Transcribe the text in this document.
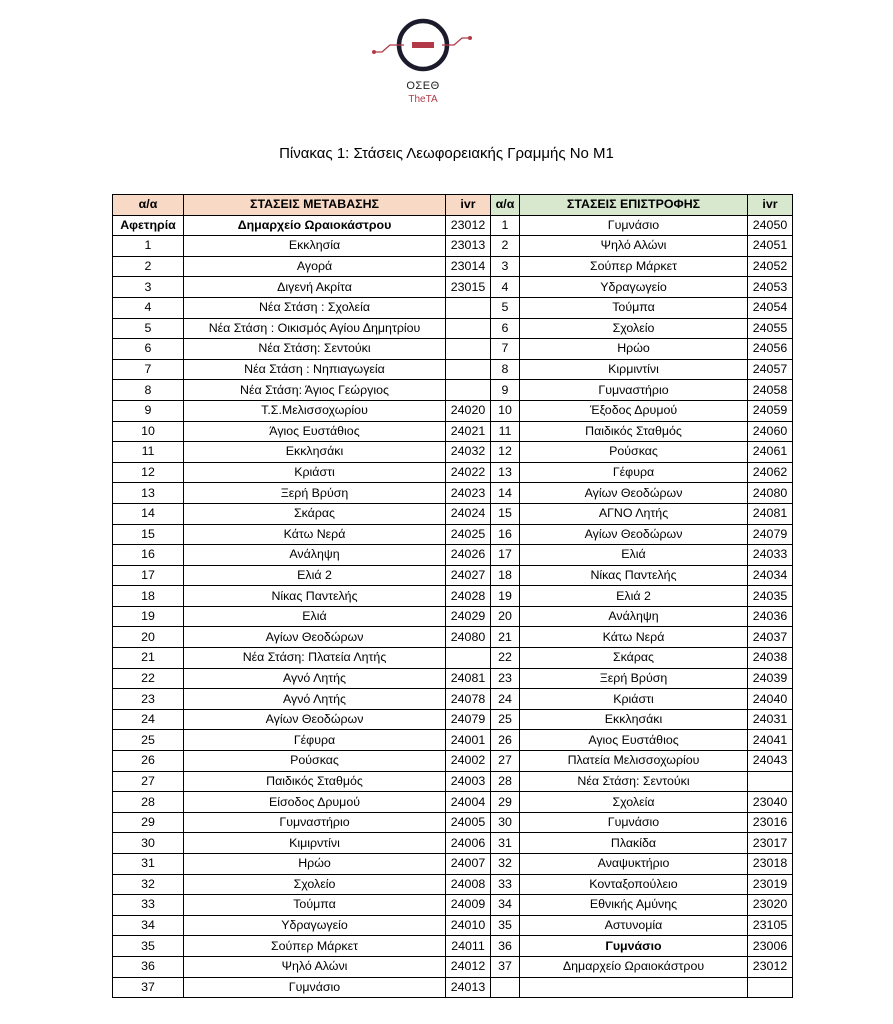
ΟΣΕΘ
TheTA
Πίνακας 1: Στάσεις Λεωφορειακής Γραμμής Νο Μ1
α/α	ΣΤΑΣΕΙΣ ΜΕΤΑΒΑΣΗΣ	ivr	α/α	ΣΤΑΣΕΙΣ ΕΠΙΣΤΡΟΦΗΣ	ivr
Αφετηρία	Δημαρχείο Ωραιοκάστρου	23012	1	Γυμνάσιο	24050
1	Εκκλησία	23013	2	Ψηλό Αλώνι	24051
2	Αγορά	23014	3	Σούπερ Μάρκετ	24052
3	Διγενή Ακρίτα	23015	4	Υδραγωγείο	24053
4	Νέα Στάση : Σχολεία		5	Τούμπα	24054
5	Νέα Στάση : Οικισμός Αγίου Δημητρίου		6	Σχολείο	24055
6	Νέα Στάση: Σεντούκι		7	Ηρώο	24056
7	Νέα Στάση : Νηπιαγωγεία		8	Κιρμιντίνι	24057
8	Νέα Στάση: Άγιος Γεώργιος		9	Γυμναστήριο	24058
9	Τ.Σ.Μελισσοχωρίου	24020	10	Έξοδος Δρυμού	24059
10	Άγιος Ευστάθιος	24021	11	Παιδικός Σταθμός	24060
11	Εκκλησάκι	24032	12	Ρούσκας	24061
12	Κριάστι	24022	13	Γέφυρα	24062
13	Ξερή Βρύση	24023	14	Αγίων Θεοδώρων	24080
14	Σκάρας	24024	15	ΑΓΝΟ Λητής	24081
15	Κάτω Νερά	24025	16	Αγίων Θεοδώρων	24079
16	Ανάληψη	24026	17	Ελιά	24033
17	Ελιά 2	24027	18	Νίκας Παντελής	24034
18	Νίκας Παντελής	24028	19	Ελιά 2	24035
19	Ελιά	24029	20	Ανάληψη	24036
20	Αγίων Θεοδώρων	24080	21	Κάτω Νερά	24037
21	Νέα Στάση: Πλατεία Λητής		22	Σκάρας	24038
22	Αγνό Λητής	24081	23	Ξερή Βρύση	24039
23	Αγνό Λητής	24078	24	Κριάστι	24040
24	Αγίων Θεοδώρων	24079	25	Εκκλησάκι	24031
25	Γέφυρα	24001	26	Αγιος Ευστάθιος	24041
26	Ρούσκας	24002	27	Πλατεία Μελισσοχωρίου	24043
27	Παιδικός Σταθμός	24003	28	Νέα Στάση: Σεντούκι	
28	Είσοδος Δρυμού	24004	29	Σχολεία	23040
29	Γυμναστήριο	24005	30	Γυμνάσιο	23016
30	Κιμιρντίνι	24006	31	Πλακίδα	23017
31	Ηρώο	24007	32	Αναψυκτήριο	23018
32	Σχολείο	24008	33	Κονταξοπούλειο	23019
33	Τούμπα	24009	34	Εθνικής Αμύνης	23020
34	Υδραγωγείο	24010	35	Αστυνομία	23105
35	Σούπερ Μάρκετ	24011	36	Γυμνάσιο	23006
36	Ψηλό Αλώνι	24012	37	Δημαρχείο Ωραιοκάστρου	23012
37	Γυμνάσιο	24013			
